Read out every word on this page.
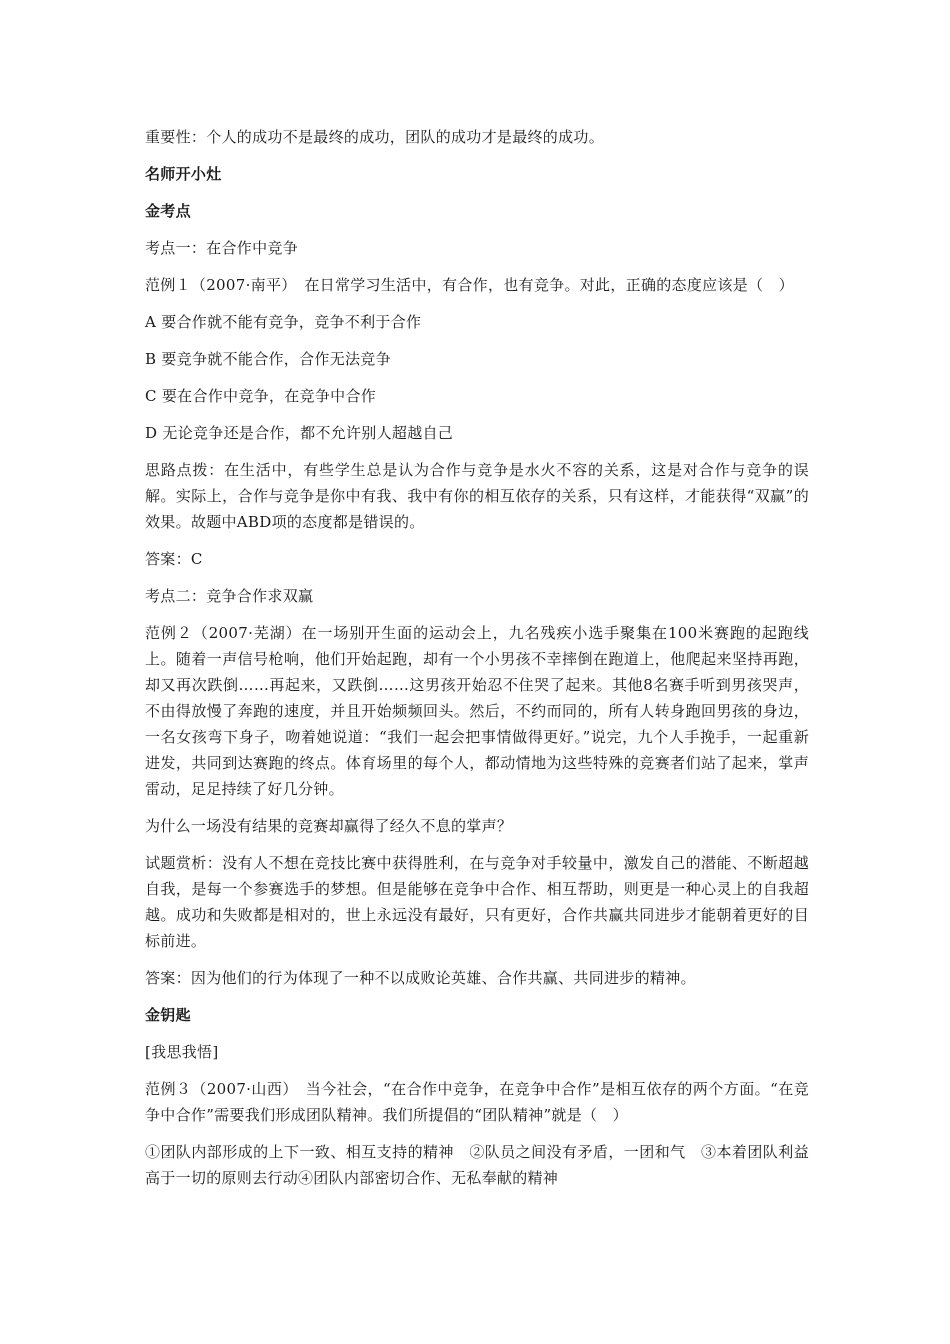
重要性：个人的成功不是最终的成功，团队的成功才是最终的成功。

名师开小灶

金考点

考点一：在合作中竞争

范例１（2007·南平）　在日常学习生活中，有合作，也有竞争。对此，正确的态度应该是（　）

A 要合作就不能有竞争，竞争不利于合作

B 要竞争就不能合作，合作无法竞争

C 要在合作中竞争，在竞争中合作

D 无论竞争还是合作，都不允许别人超越自己

思路点拨：在生活中，有些学生总是认为合作与竞争是水火不容的关系，这是对合作与竞争的误解。实际上，合作与竞争是你中有我、我中有你的相互依存的关系，只有这样，才能获得“双赢”的效果。故题中ABD项的态度都是错误的。

答案：C

考点二：竞争合作求双赢

范例２（2007·芜湖）在一场别开生面的运动会上，九名残疾小选手聚集在100米赛跑的起跑线上。随着一声信号枪响，他们开始起跑，却有一个小男孩不幸摔倒在跑道上，他爬起来坚持再跑，却又再次跌倒……再起来，又跌倒……这男孩开始忍不住哭了起来。其他8名赛手听到男孩哭声，不由得放慢了奔跑的速度，并且开始频频回头。然后，不约而同的，所有人转身跑回男孩的身边，一名女孩弯下身子，吻着她说道：“我们一起会把事情做得更好。”说完，九个人手挽手，一起重新进发，共同到达赛跑的终点。体育场里的每个人，都动情地为这些特殊的竞赛者们站了起来，掌声雷动，足足持续了好几分钟。

为什么一场没有结果的竞赛却赢得了经久不息的掌声？

试题赏析：没有人不想在竞技比赛中获得胜利，在与竞争对手较量中，激发自己的潜能、不断超越自我，是每一个参赛选手的梦想。但是能够在竞争中合作、相互帮助，则更是一种心灵上的自我超越。成功和失败都是相对的，世上永远没有最好，只有更好，合作共赢共同进步才能朝着更好的目标前进。

答案：因为他们的行为体现了一种不以成败论英雄、合作共赢、共同进步的精神。

金钥匙

[我思我悟]

范例３（2007·山西）　当今社会，“在合作中竞争，在竞争中合作”是相互依存的两个方面。“在竞争中合作”需要我们形成团队精神。我们所提倡的“团队精神”就是（　）

①团队内部形成的上下一致、相互支持的精神　②队员之间没有矛盾，一团和气　③本着团队利益高于一切的原则去行动④团队内部密切合作、无私奉献的精神
